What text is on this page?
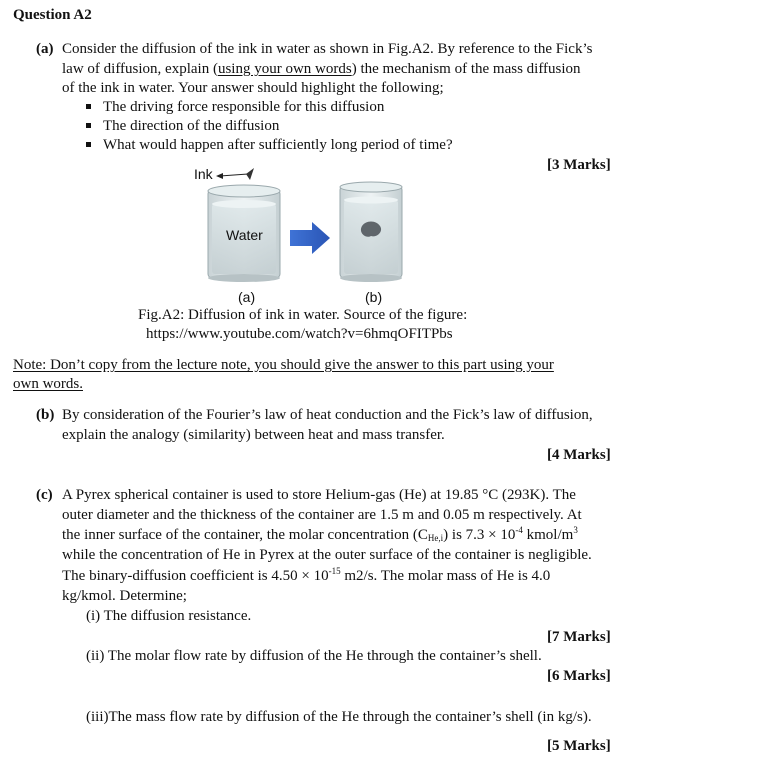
Question A2
(a) Consider the diffusion of the ink in water as shown in Fig.A2. By reference to the Fick’s
law of diffusion, explain (using your own words) the mechanism of the mass diffusion
of the ink in water. Your answer should highlight the following;
The driving force responsible for this diffusion
The direction of the diffusion
What would happen after sufficiently long period of time?
[3 Marks]
Ink
Water
(a)	(b)
Fig.A2: Diffusion of ink in water. Source of the figure:
https://www.youtube.com/watch?v=6hmqOFITPbs
Note: Don’t copy from the lecture note, you should give the answer to this part using your
own words.
(b) By consideration of the Fourier’s law of heat conduction and the Fick’s law of diffusion,
explain the analogy (similarity) between heat and mass transfer.
[4 Marks]
(c) A Pyrex spherical container is used to store Helium-gas (He) at 19.85 °C (293K). The
outer diameter and the thickness of the container are 1.5 m and 0.05 m respectively. At
the inner surface of the container, the molar concentration $(C_{He,i})$ is $7.3 \times 10^{-4}$ kmol/$m^3$
while the concentration of He in Pyrex at the outer surface of the container is negligible.
The binary-diffusion coefficient is $4.50 \times 10^{-15}$ m2/s. The molar mass of He is 4.0
kg/kmol. Determine;
(i) The diffusion resistance.
[7 Marks]
(ii) The molar flow rate by diffusion of the He through the container’s shell.
[6 Marks]
(iii)The mass flow rate by diffusion of the He through the container’s shell (in kg/s).
[5 Marks]
